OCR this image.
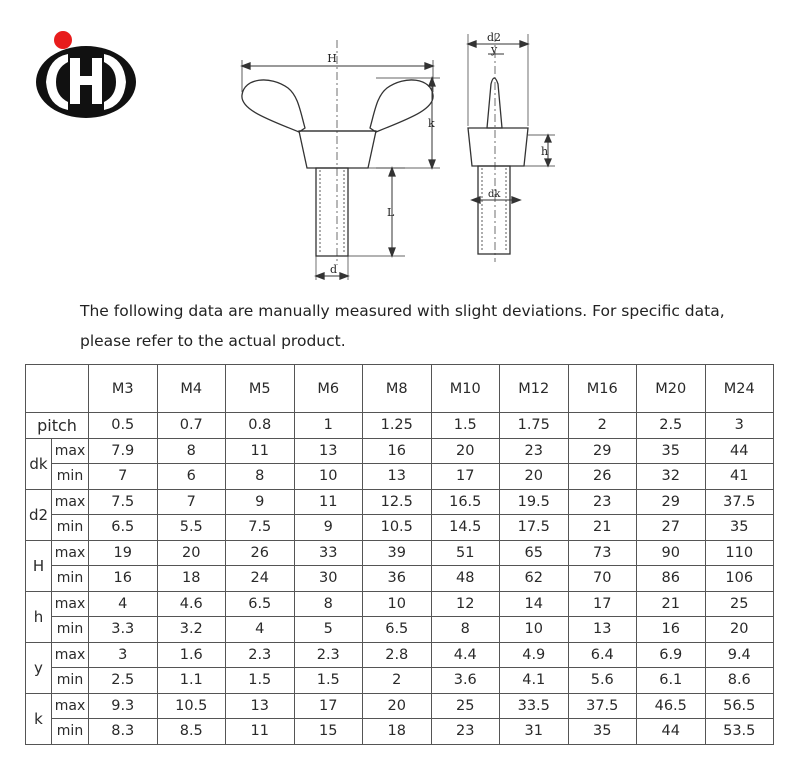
H
k
L
d
d2
y
h
dk

The following data are manually measured with slight deviations. For specific data,

please refer to the actual product.

		M3	M4	M5	M6	M8	M10	M12	M16	M20	M24
pitch		0.5	0.7	0.8	1	1.25	1.5	1.75	2	2.5	3
dk	max	7.9	8	11	13	16	20	23	29	35	44
	min	7	6	8	10	13	17	20	26	32	41
d2	max	7.5	7	9	11	12.5	16.5	19.5	23	29	37.5
	min	6.5	5.5	7.5	9	10.5	14.5	17.5	21	27	35
H	max	19	20	26	33	39	51	65	73	90	110
	min	16	18	24	30	36	48	62	70	86	106
h	max	4	4.6	6.5	8	10	12	14	17	21	25
	min	3.3	3.2	4	5	6.5	8	10	13	16	20
y	max	3	1.6	2.3	2.3	2.8	4.4	4.9	6.4	6.9	9.4
	min	2.5	1.1	1.5	1.5	2	3.6	4.1	5.6	6.1	8.6
k	max	9.3	10.5	13	17	20	25	33.5	37.5	46.5	56.5
	min	8.3	8.5	11	15	18	23	31	35	44	53.5
